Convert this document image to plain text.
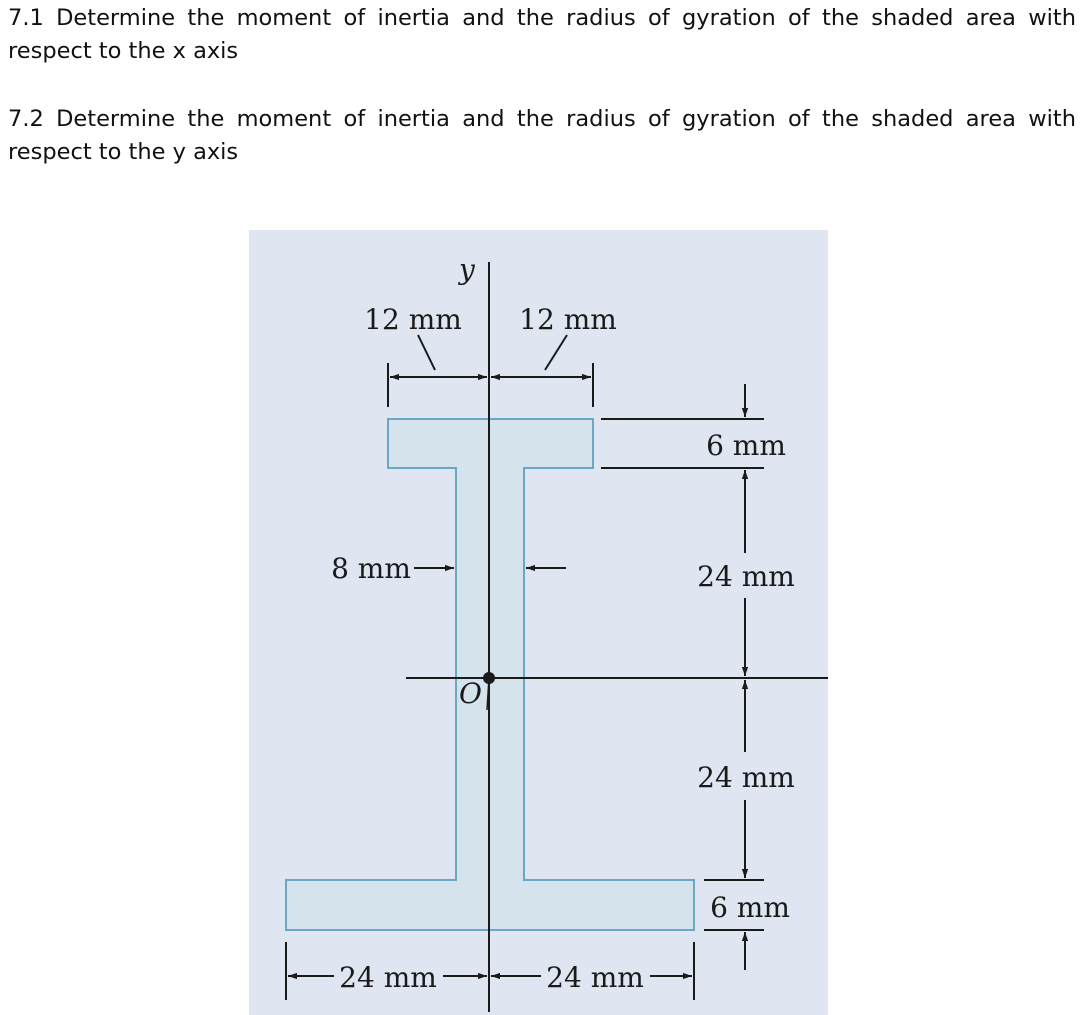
7.1 Determine the moment of inertia and the radius of gyration of the shaded area with respect to the x axis
7.2 Determine the moment of inertia and the radius of gyration of the shaded area with respect to the y axis
y
O
12 mm 12 mm
8 mm
6 mm
24 mm
24 mm
6 mm
24 mm	24 mm
